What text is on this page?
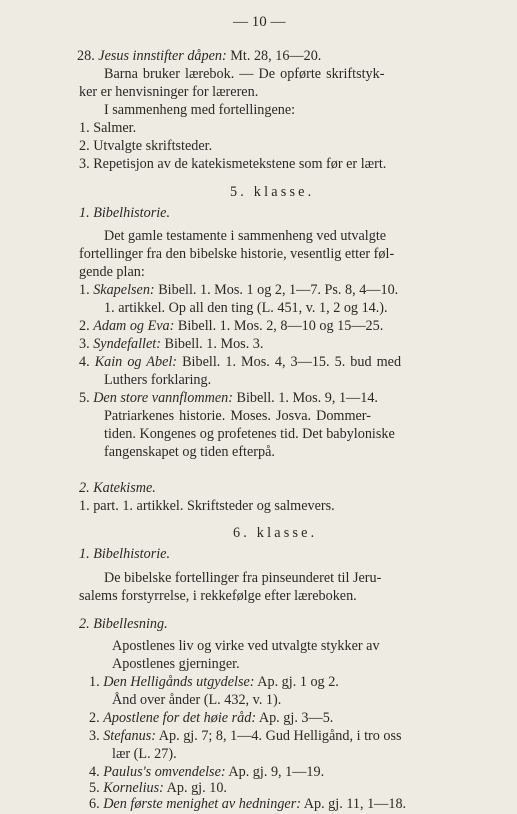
— 10 —
28. Jesus innstifter dåpen: Mt. 28, 16—20.
Barna bruker lærebok. — De opførte skriftstyk-
ker er henvisninger for læreren.
I sammenheng med fortellingene:
1. Salmer.
2. Utvalgte skriftsteder.
3. Repetisjon av de katekismetekstene som før er lært.
5. klasse.
1. Bibelhistorie.
Det gamle testamente i sammenheng ved utvalgte
fortellinger fra den bibelske historie, vesentlig etter føl-
gende plan:
1. Skapelsen: Bibell. 1. Mos. 1 og 2, 1—7. Ps. 8, 4—10.
1. artikkel. Op all den ting (L. 451, v. 1, 2 og 14.).
2. Adam og Eva: Bibell. 1. Mos. 2, 8—10 og 15—25.
3. Syndefallet: Bibell. 1. Mos. 3.
4. Kain og Abel: Bibell. 1. Mos. 4, 3—15. 5. bud med
Luthers forklaring.
5. Den store vannflommen: Bibell. 1. Mos. 9, 1—14.
Patriarkenes historie. Moses. Josva. Dommer-
tiden. Kongenes og profetenes tid. Det babyloniske
fangenskapet og tiden efterpå.
2. Katekisme.
1. part. 1. artikkel. Skriftsteder og salmevers.
6. klasse.
1. Bibelhistorie.
De bibelske fortellinger fra pinseunderet til Jeru-
salems forstyrrelse, i rekkefølge efter læreboken.
2. Bibellesning.
Apostlenes liv og virke ved utvalgte stykker av
Apostlenes gjerninger.
1. Den Helligånds utgydelse: Ap. gj. 1 og 2.
Ånd over ånder (L. 432, v. 1).
2. Apostlene for det høie råd: Ap. gj. 3—5.
3. Stefanus: Ap. gj. 7; 8, 1—4. Gud Helligånd, i tro oss
lær (L. 27).
4. Paulus's omvendelse: Ap. gj. 9, 1—19.
5. Kornelius: Ap. gj. 10.
6. Den første menighet av hedninger: Ap. gj. 11, 1—18.
